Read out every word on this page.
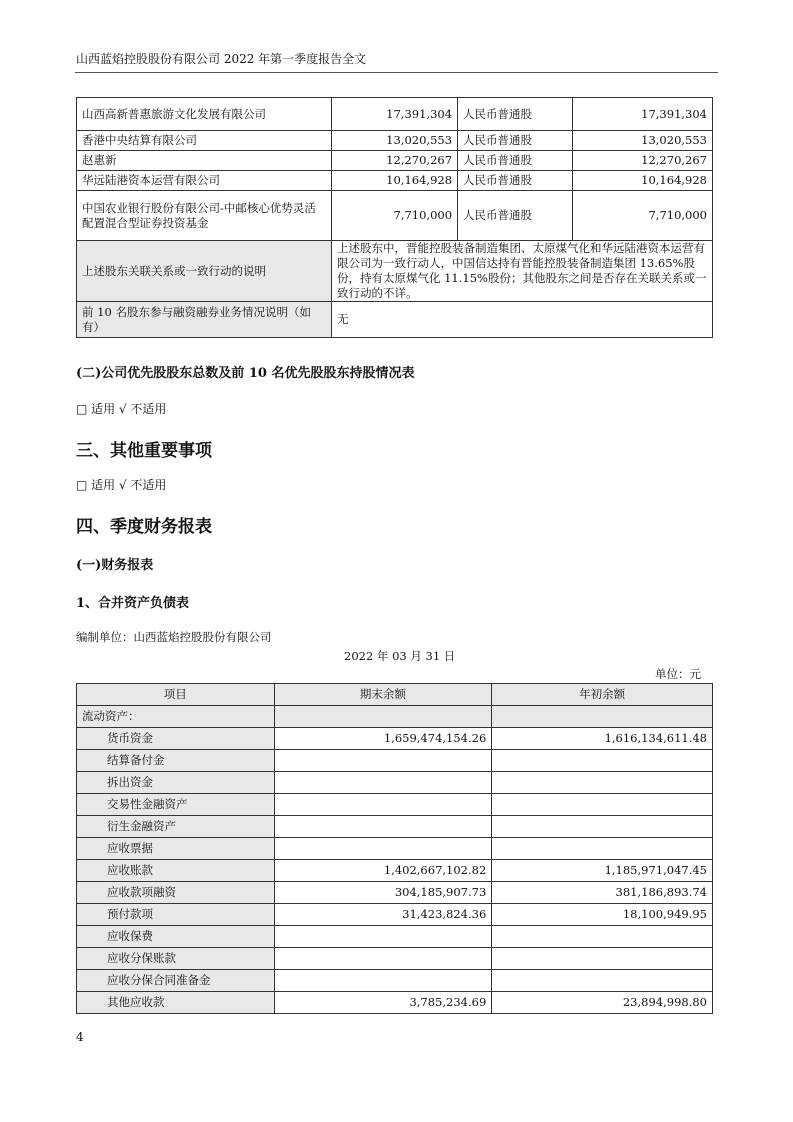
山西蓝焰控股股份有限公司 2022 年第一季度报告全文
山西高新普惠旅游文化发展有限公司	17,391,304	人民币普通股	17,391,304
香港中央结算有限公司	13,020,553	人民币普通股	13,020,553
赵惠新	12,270,267	人民币普通股	12,270,267
华远陆港资本运营有限公司	10,164,928	人民币普通股	10,164,928
中国农业银行股份有限公司-中邮核心优势灵活配置混合型证券投资基金	7,710,000	人民币普通股	7,710,000
上述股东关联关系或一致行动的说明	上述股东中，晋能控股装备制造集团、太原煤气化和华远陆港资本运营有限公司为一致行动人，中国信达持有晋能控股装备制造集团 13.65%股份，持有太原煤气化 11.15%股份；其他股东之间是否存在关联关系或一致行动的不详。		
前 10 名股东参与融资融券业务情况说明（如有）	无		
(二)公司优先股股东总数及前 10 名优先股股东持股情况表
□ 适用 √ 不适用
三、其他重要事项
□ 适用 √ 不适用
四、季度财务报表
(一)财务报表
1、合并资产负债表
编制单位：山西蓝焰控股股份有限公司
2022 年 03 月 31 日
单位：元
项目	期末余额	年初余额
流动资产：		
货币资金	1,659,474,154.26	1,616,134,611.48
结算备付金		
拆出资金		
交易性金融资产		
衍生金融资产		
应收票据		
应收账款	1,402,667,102.82	1,185,971,047.45
应收款项融资	304,185,907.73	381,186,893.74
预付款项	31,423,824.36	18,100,949.95
应收保费		
应收分保账款		
应收分保合同准备金		
其他应收款	3,785,234.69	23,894,998.80
4
